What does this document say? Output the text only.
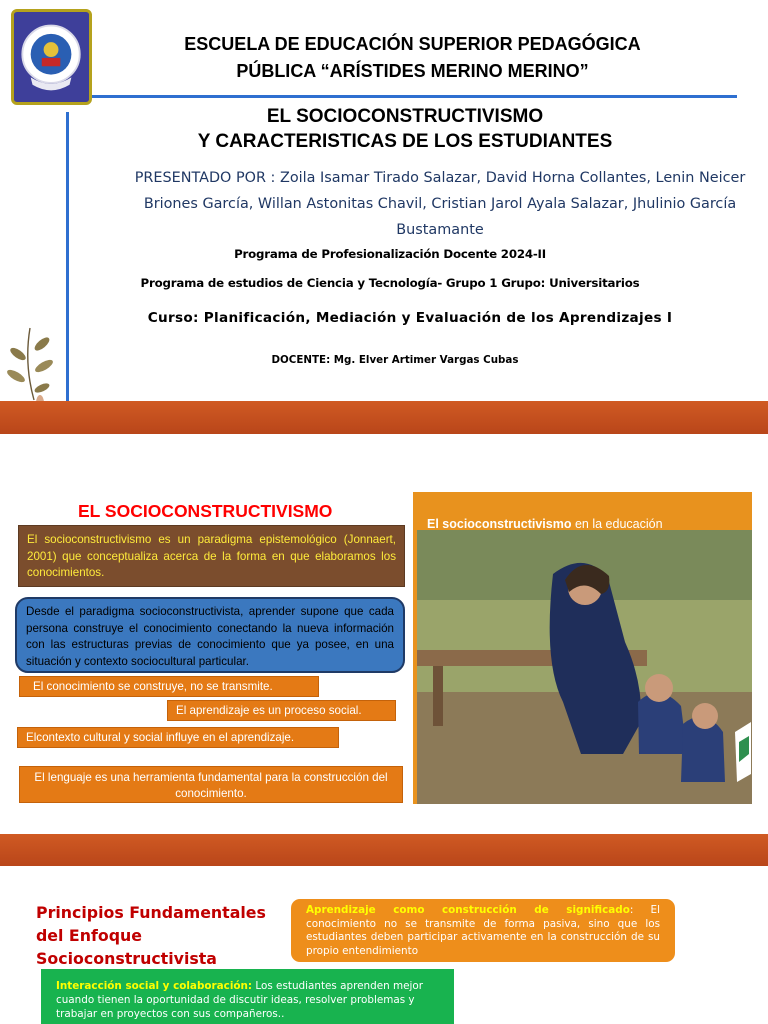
ESCUELA DE EDUCACIÓN SUPERIOR PEDAGÓGICA
PÚBLICA “ARÍSTIDES MERINO MERINO”
EL SOCIOCONSTRUCTIVISMO
Y CARACTERISTICAS DE LOS ESTUDIANTES
PRESENTADO POR : Zoila Isamar Tirado Salazar, David Horna Collantes, Lenin Neicer Briones García, Willan Astonitas Chavil, Cristian Jarol Ayala Salazar, Jhulinio García Bustamante
Programa de Profesionalización Docente 2024-II
Programa de estudios de Ciencia y Tecnología- Grupo 1 Grupo: Universitarios
Curso: Planificación, Mediación y Evaluación de los Aprendizajes I
DOCENTE: Mg. Elver Artimer Vargas Cubas
EL SOCIOCONSTRUCTIVISMO
El socioconstructivismo es un paradigma epistemológico (Jonnaert, 2001) que conceptualiza acerca de la forma en que elaboramos los conocimientos.
Desde el paradigma socioconstructivista, aprender supone que cada persona construye el conocimiento conectando la nueva información con las estructuras previas de conocimiento que ya posee, en una situación y contexto sociocultural particular.
El conocimiento se construye, no se transmite.
El aprendizaje es un proceso social.
Elcontexto cultural y social influye en el aprendizaje.
El lenguaje es una herramienta fundamental para la construcción del conocimiento.
El socioconstructivismo en la educación
Principios Fundamentales del Enfoque Socioconstructivista
Aprendizaje como construcción de significado: El conocimiento no se transmite de forma pasiva, sino que los estudiantes deben participar activamente en la construcción de su propio entendimiento
Interacción social y colaboración: Los estudiantes aprenden mejor cuando tienen la oportunidad de discutir ideas, resolver problemas y trabajar en proyectos con sus compañeros..
